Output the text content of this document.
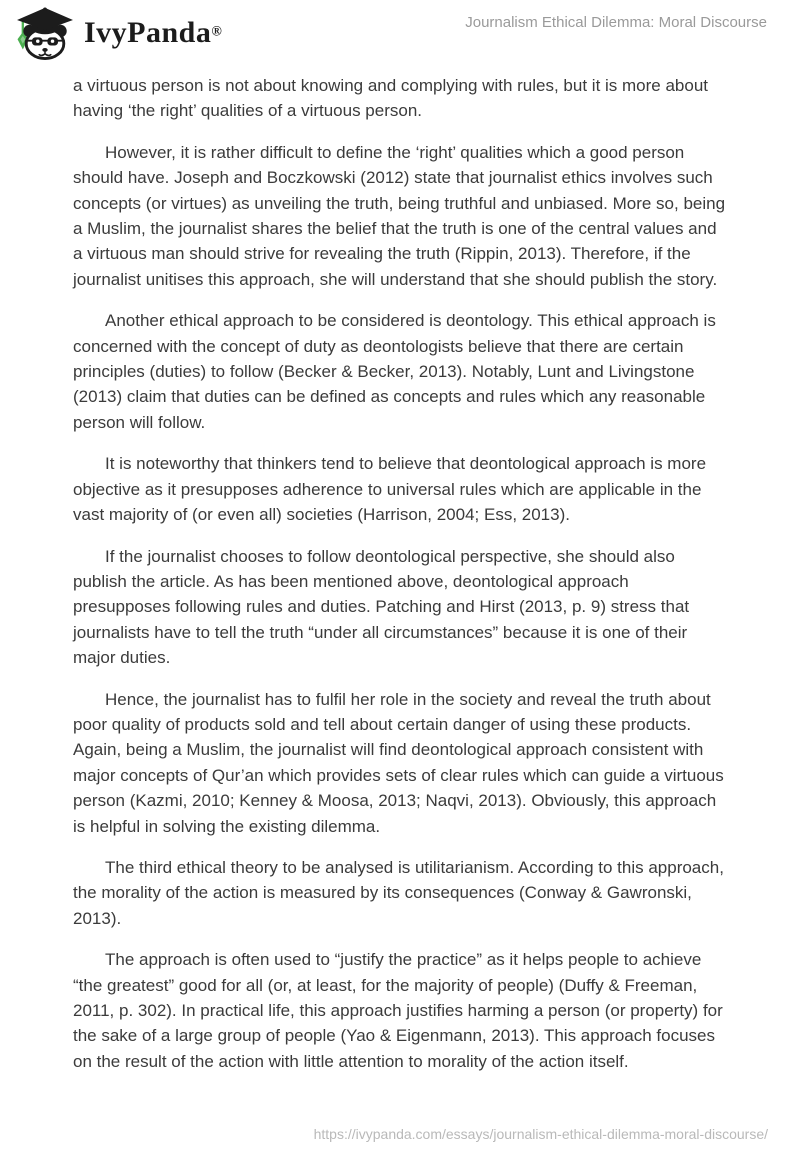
IvyPanda®
Journalism Ethical Dilemma: Moral Discourse

a virtuous person is not about knowing and complying with rules, but it is more about having ‘the right’ qualities of a virtuous person.

However, it is rather difficult to define the ‘right’ qualities which a good person should have. Joseph and Boczkowski (2012) state that journalist ethics involves such concepts (or virtues) as unveiling the truth, being truthful and unbiased. More so, being a Muslim, the journalist shares the belief that the truth is one of the central values and a virtuous man should strive for revealing the truth (Rippin, 2013). Therefore, if the journalist unitises this approach, she will understand that she should publish the story.

Another ethical approach to be considered is deontology. This ethical approach is concerned with the concept of duty as deontologists believe that there are certain principles (duties) to follow (Becker & Becker, 2013). Notably, Lunt and Livingstone (2013) claim that duties can be defined as concepts and rules which any reasonable person will follow.

It is noteworthy that thinkers tend to believe that deontological approach is more objective as it presupposes adherence to universal rules which are applicable in the vast majority of (or even all) societies (Harrison, 2004; Ess, 2013).

If the journalist chooses to follow deontological perspective, she should also publish the article. As has been mentioned above, deontological approach presupposes following rules and duties. Patching and Hirst (2013, p. 9) stress that journalists have to tell the truth “under all circumstances” because it is one of their major duties.

Hence, the journalist has to fulfil her role in the society and reveal the truth about poor quality of products sold and tell about certain danger of using these products. Again, being a Muslim, the journalist will find deontological approach consistent with major concepts of Qur’an which provides sets of clear rules which can guide a virtuous person (Kazmi, 2010; Kenney & Moosa, 2013; Naqvi, 2013). Obviously, this approach is helpful in solving the existing dilemma.

The third ethical theory to be analysed is utilitarianism. According to this approach, the morality of the action is measured by its consequences (Conway & Gawronski, 2013).

The approach is often used to “justify the practice” as it helps people to achieve “the greatest” good for all (or, at least, for the majority of people) (Duffy & Freeman, 2011, p. 302). In practical life, this approach justifies harming a person (or property) for the sake of a large group of people (Yao & Eigenmann, 2013). This approach focuses on the result of the action with little attention to morality of the action itself.

https://ivypanda.com/essays/journalism-ethical-dilemma-moral-discourse/
